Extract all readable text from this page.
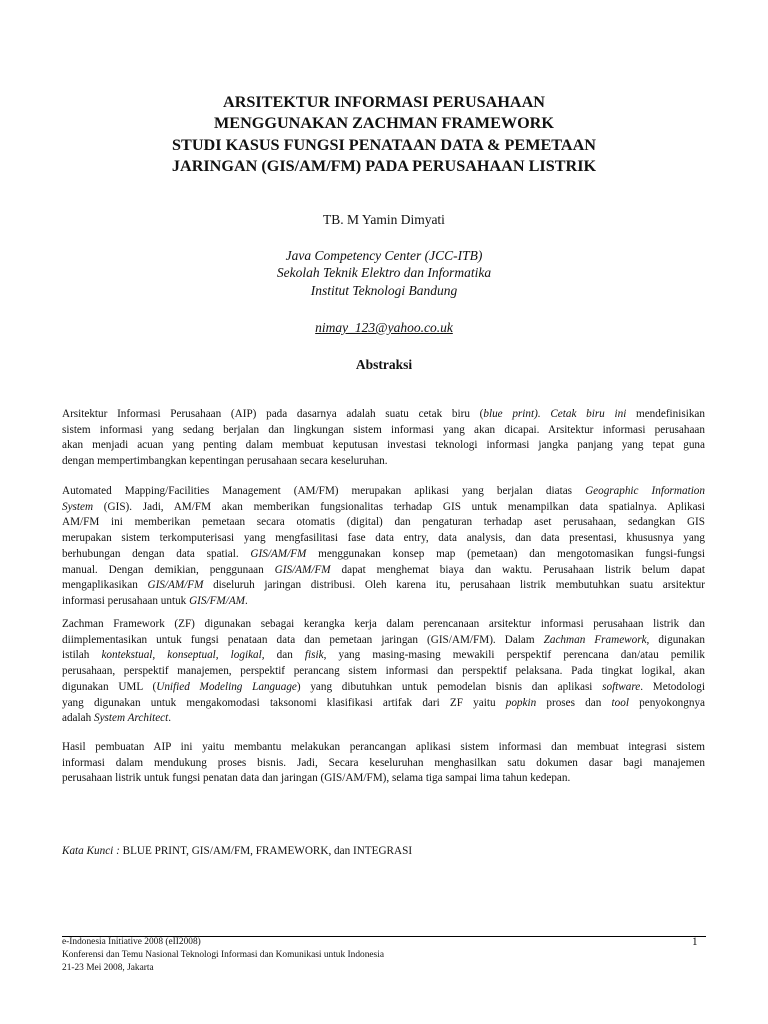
ARSITEKTUR INFORMASI PERUSAHAAN
MENGGUNAKAN ZACHMAN FRAMEWORK
STUDI KASUS FUNGSI PENATAAN DATA & PEMETAAN
JARINGAN (GIS/AM/FM) PADA PERUSAHAAN LISTRIK
TB. M Yamin Dimyati
Java Competency Center (JCC-ITB)
Sekolah Teknik Elektro dan Informatika
Institut Teknologi Bandung
nimay_123@yahoo.co.uk
Abstraksi
Arsitektur Informasi Perusahaan (AIP) pada dasarnya adalah suatu cetak biru (blue print). Cetak biru ini mendefinisikan
sistem informasi yang sedang berjalan dan lingkungan sistem informasi yang akan dicapai. Arsitektur informasi perusahaan
akan menjadi acuan yang penting dalam membuat keputusan investasi teknologi informasi jangka panjang yang tepat guna
dengan mempertimbangkan kepentingan perusahaan secara keseluruhan.
Automated Mapping/Facilities Management (AM/FM) merupakan aplikasi yang berjalan diatas Geographic Information
System (GIS). Jadi, AM/FM akan memberikan fungsionalitas terhadap GIS untuk menampilkan data spatialnya. Aplikasi
AM/FM ini memberikan pemetaan secara otomatis (digital) dan pengaturan terhadap aset perusahaan, sedangkan GIS
merupakan sistem terkomputerisasi yang mengfasilitasi fase data entry, data analysis, dan data presentasi, khususnya yang
berhubungan dengan data spatial. GIS/AM/FM menggunakan konsep map (pemetaan) dan mengotomasikan fungsi-fungsi
manual. Dengan demikian, penggunaan GIS/AM/FM dapat menghemat biaya dan waktu. Perusahaan listrik belum dapat
mengaplikasikan GIS/AM/FM diseluruh jaringan distribusi. Oleh karena itu, perusahaan listrik membutuhkan suatu arsitektur
informasi perusahaan untuk GIS/FM/AM.
Zachman Framework (ZF) digunakan sebagai kerangka kerja dalam perencanaan arsitektur informasi perusahaan listrik dan
diimplementasikan untuk fungsi penataan data dan pemetaan jaringan (GIS/AM/FM). Dalam Zachman Framework, digunakan
istilah kontekstual, konseptual, logikal, dan fisik, yang masing-masing mewakili perspektif perencana dan/atau pemilik
perusahaan, perspektif manajemen, perspektif perancang sistem informasi dan perspektif pelaksana. Pada tingkat logikal, akan
digunakan UML (Unified Modeling Language) yang dibutuhkan untuk pemodelan bisnis dan aplikasi software. Metodologi
yang digunakan untuk mengakomodasi taksonomi klasifikasi artifak dari ZF yaitu popkin proses dan tool penyokongnya
adalah System Architect.
Hasil pembuatan AIP ini yaitu membantu melakukan perancangan aplikasi sistem informasi dan membuat integrasi sistem
informasi dalam mendukung proses bisnis. Jadi, Secara keseluruhan menghasilkan satu dokumen dasar bagi manajemen
perusahaan listrik untuk fungsi penatan data dan jaringan (GIS/AM/FM), selama tiga sampai lima tahun kedepan.
Kata Kunci : BLUE PRINT, GIS/AM/FM, FRAMEWORK, dan INTEGRASI
e-Indonesia Initiative 2008 (eII2008)
Konferensi dan Temu Nasional Teknologi Informasi dan Komunikasi untuk Indonesia
21-23 Mei 2008, Jakarta
1
